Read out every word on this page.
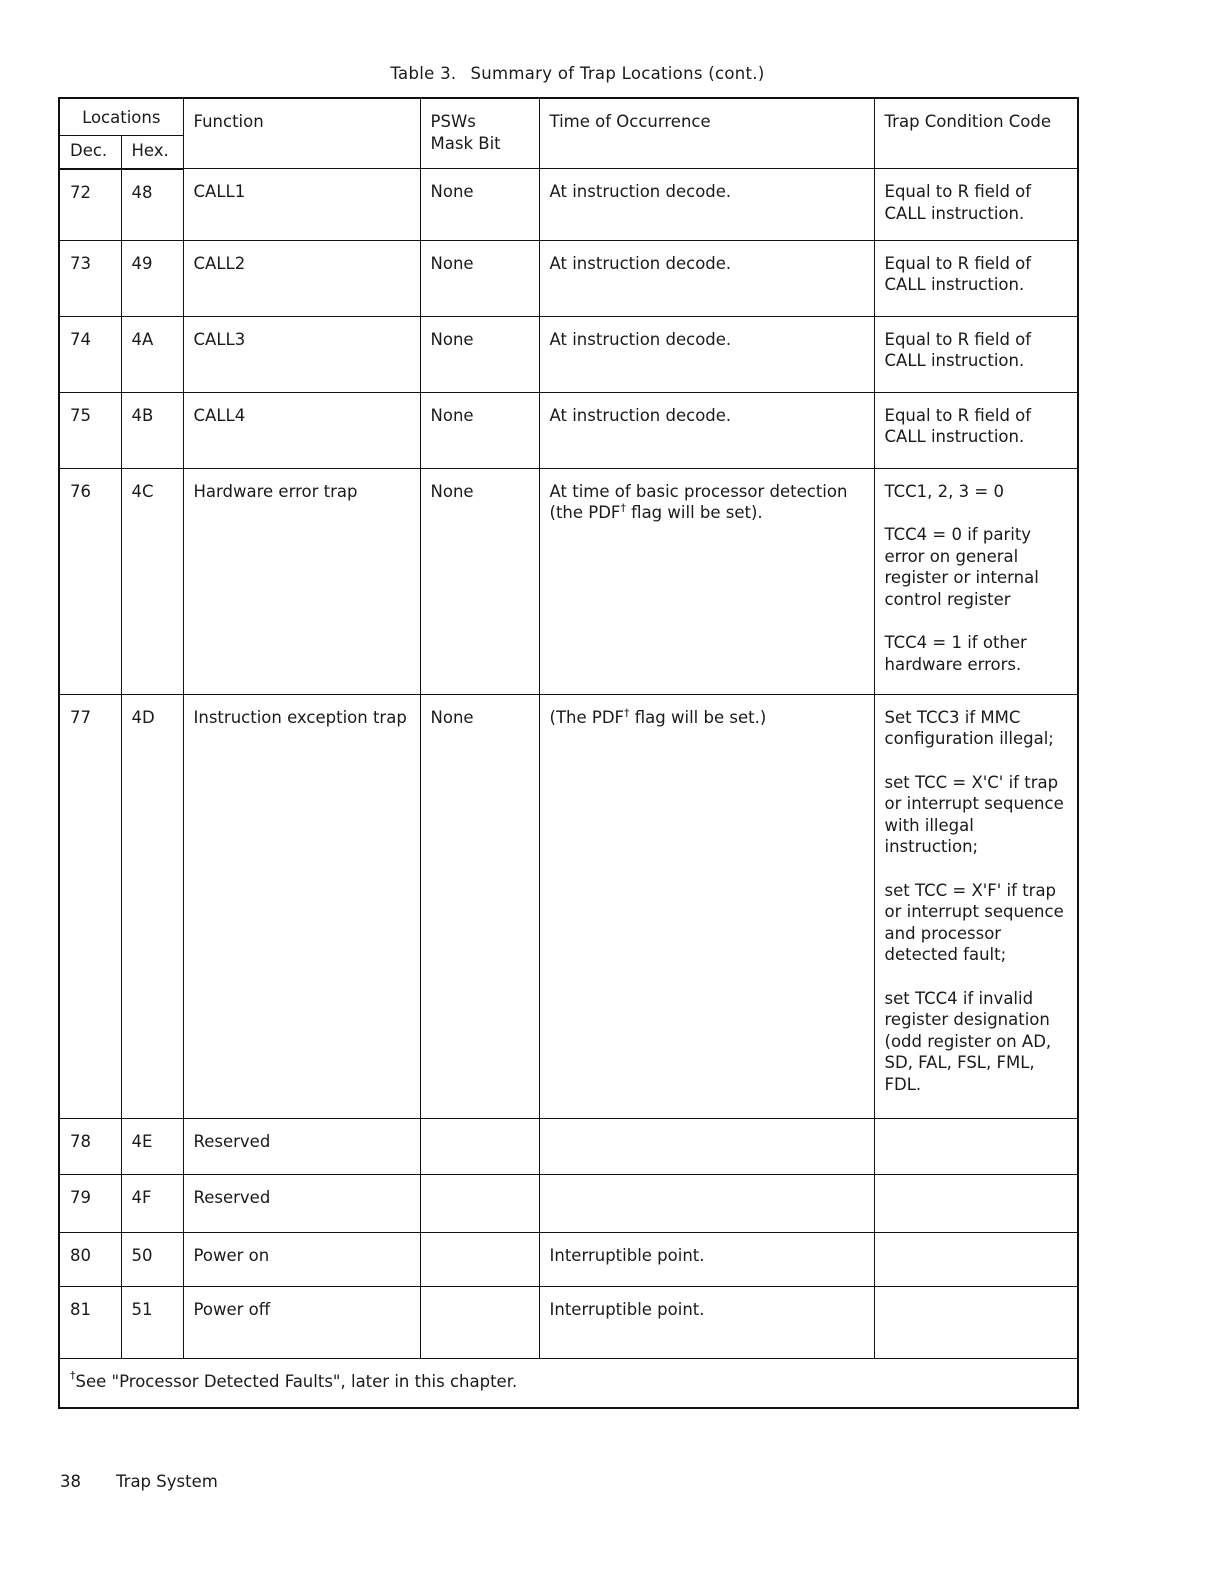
Table 3. Summary of Trap Locations (cont.)
Locations		Function	PSWs
Mask Bit	Time of Occurrence	Trap Condition Code
Dec.	Hex.				
72	48	CALL1	None	At instruction decode.	Equal to R field of CALL instruction.

73	49	CALL2	None	At instruction decode.	Equal to R field of CALL instruction.

74	4A	CALL3	None	At instruction decode.	Equal to R field of CALL instruction.

75	4B	CALL4	None	At instruction decode.	Equal to R field of CALL instruction.

76	4C	Hardware error trap	None	At time of basic processor detection (the PDF† flag will be set).	TCC1, 2, 3 = 0
TCC4 = 0 if parity error on general register or internal control register
TCC4 = 1 if other hardware errors.

77	4D	Instruction exception trap	None	(The PDF† flag will be set.)	Set TCC3 if MMC configuration illegal;
set TCC = X'C' if trap or interrupt sequence with illegal instruction;
set TCC = X'F' if trap or interrupt sequence and processor detected fault;
set TCC4 if invalid register designation (odd register on AD, SD, FAL, FSL, FML, FDL.

78	4E	Reserved			
79	4F	Reserved			
80	50	Power on		Interruptible point.	
81	51	Power off		Interruptible point.	
†See "Processor Detected Faults", later in this chapter.					
38 Trap System
